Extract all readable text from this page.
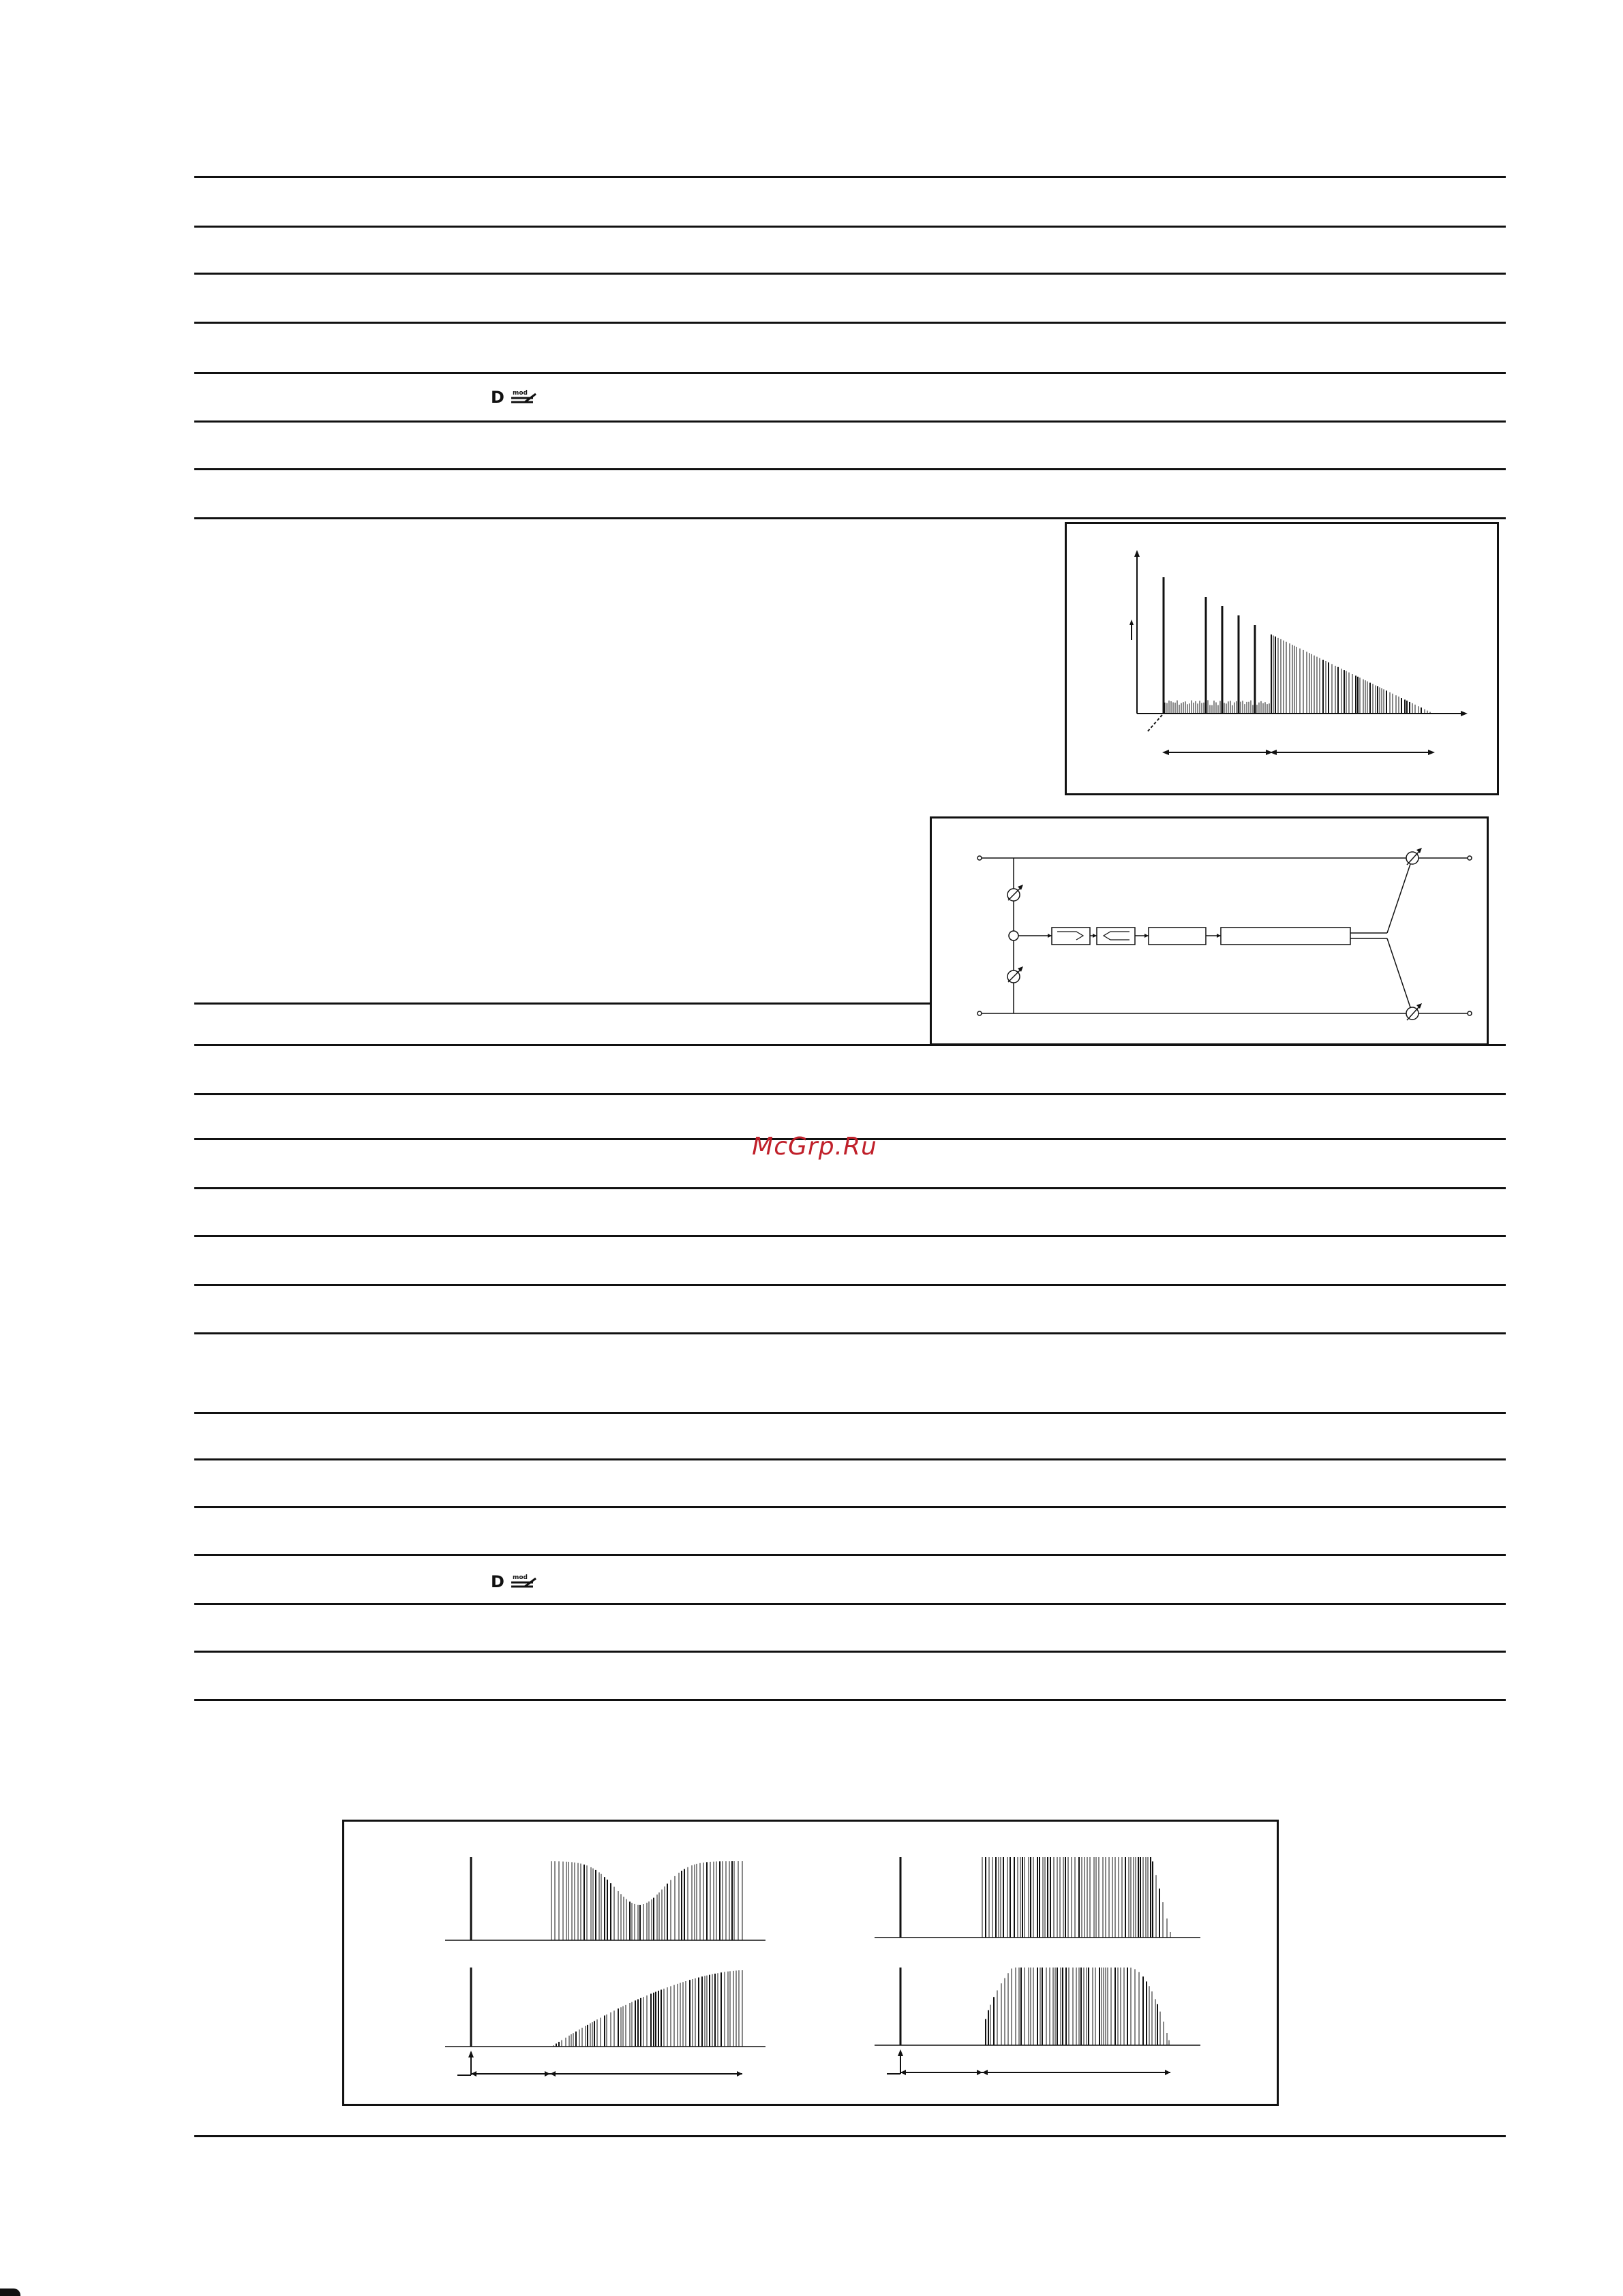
D mod
D mod
McGrp.Ru
